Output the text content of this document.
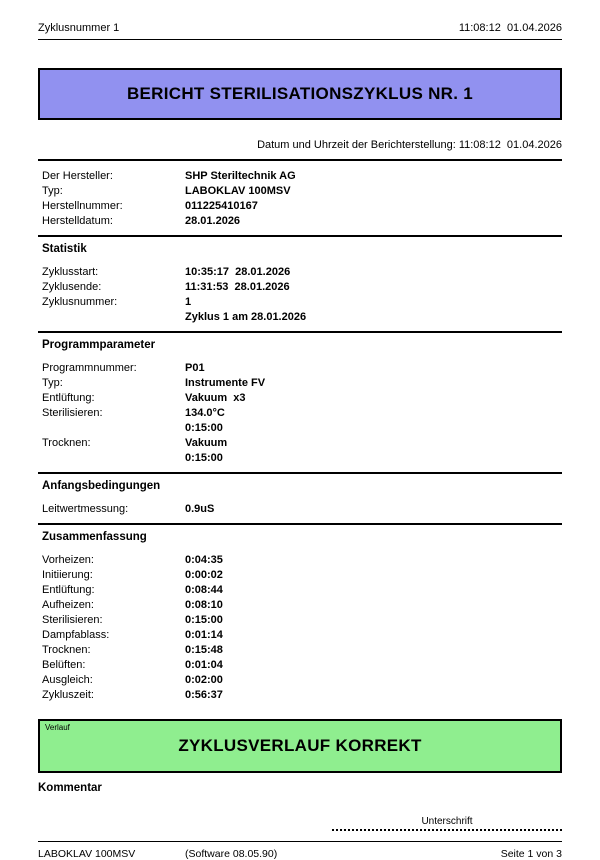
Zyklusnummer 1	11:08:12  01.04.2026
BERICHT STERILISATIONSZYKLUS NR. 1
Datum und Uhrzeit der Berichterstellung: 11:08:12  01.04.2026
Der Hersteller:	SHP Steriltechnik AG
Typ:	LABOKLAV 100MSV
Herstellnummer:	011225410167
Herstelldatum:	28.01.2026
Statistik
Zyklusstart:	10:35:17  28.01.2026
Zyklusende:	11:31:53  28.01.2026
Zyklusnummer:	1
Zyklus 1 am 28.01.2026
Programmparameter
Programmnummer:	P01
Typ:	Instrumente FV
Entlüftung:	Vakuum  x3
Sterilisieren:	134.0°C
0:15:00
Trocknen:	Vakuum
0:15:00
Anfangsbedingungen
Leitwertmessung:	0.9uS
Zusammenfassung
Vorheizen:	0:04:35
Initiierung:	0:00:02
Entlüftung:	0:08:44
Aufheizen:	0:08:10
Sterilisieren:	0:15:00
Dampfablass:	0:01:14
Trocknen:	0:15:48
Belüften:	0:01:04
Ausgleich:	0:02:00
Zykluszeit:	0:56:37
Verlauf
ZYKLUSVERLAUF KORREKT
Kommentar
Unterschrift
LABOKLAV 100MSV	(Software 08.05.90)	Seite 1 von 3
